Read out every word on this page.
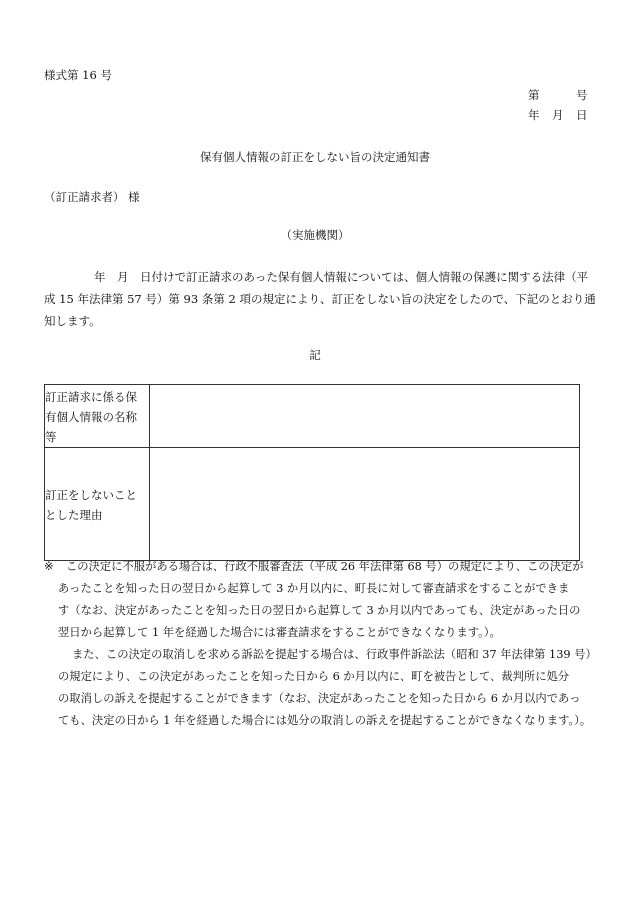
様式第 16 号
第	号
年 月 日
保有個人情報の訂正をしない旨の決定通知書
（訂正請求者） 様
（実施機関）
年　月　日付けで訂正請求のあった保有個人情報については、個人情報の保護に関する法律（平
成 15 年法律第 57 号）第 93 条第 2 項の規定により、訂正をしない旨の決定をしたので、下記のとおり通
知します。
記
訂正請求に係る保
有個人情報の名称
等	

訂正をしないこと
とした理由	

※ この決定に不服がある場合は、行政不服審査法（平成 26 年法律第 68 号）の規定により、この決定が
あったことを知った日の翌日から起算して 3 か月以内に、町長に対して審査請求をすることができま
す（なお、決定があったことを知った日の翌日から起算して 3 か月以内であっても、決定があった日の
翌日から起算して 1 年を経過した場合には審査請求をすることができなくなります。）。
また、この決定の取消しを求める訴訟を提起する場合は、行政事件訴訟法（昭和 37 年法律第 139 号）
の規定により、この決定があったことを知った日から 6 か月以内に、町を被告として、裁判所に処分
の取消しの訴えを提起することができます（なお、決定があったことを知った日から 6 か月以内であっ
ても、決定の日から 1 年を経過した場合には処分の取消しの訴えを提起することができなくなります。）。
